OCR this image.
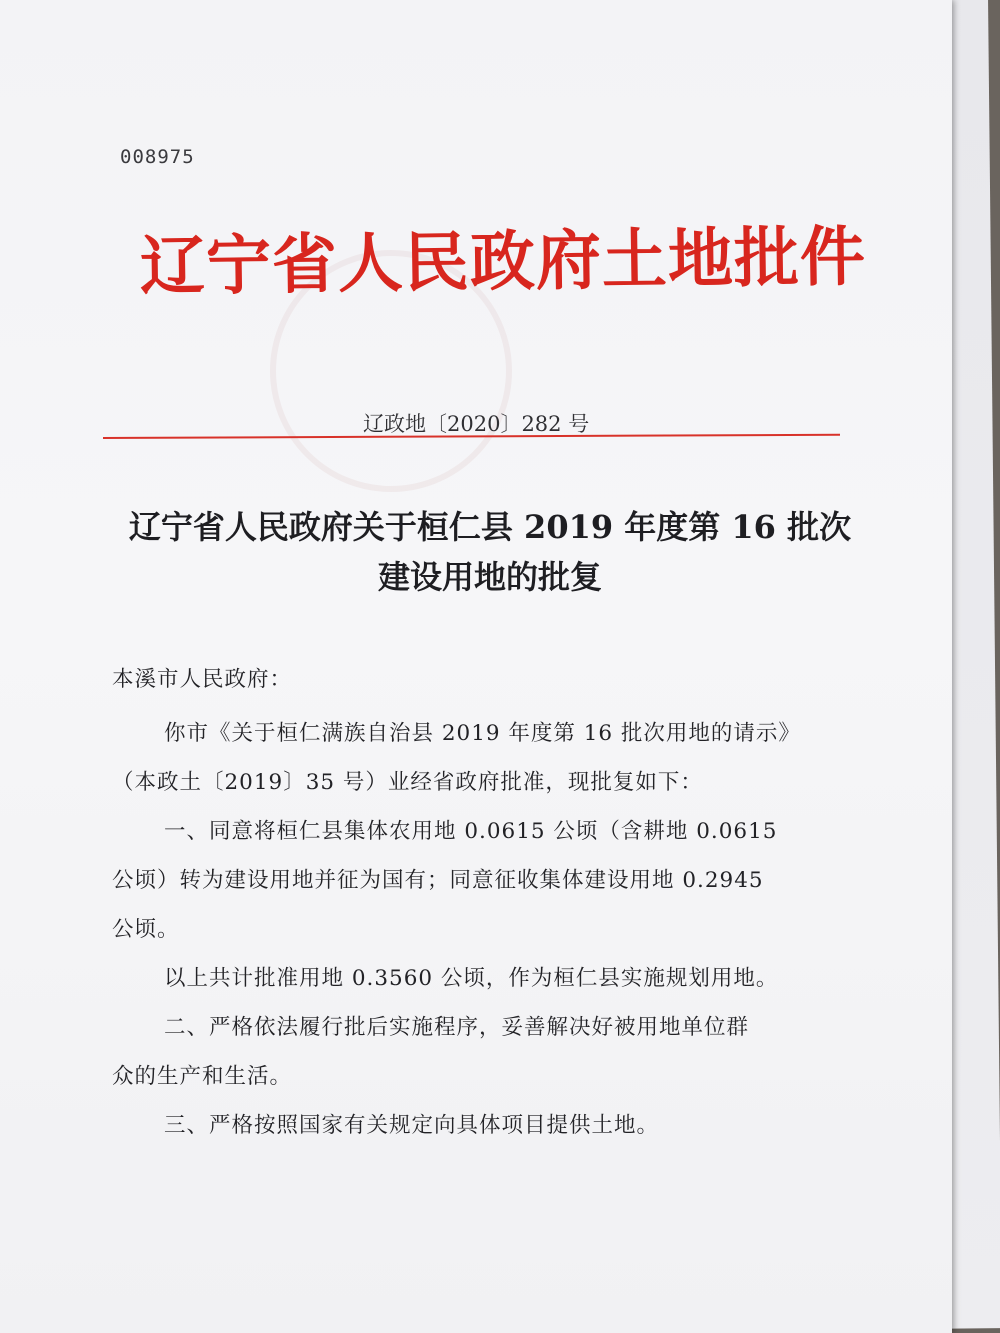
008975
辽宁省人民政府土地批件
辽政地〔2020〕282 号
辽宁省人民政府关于桓仁县 2019 年度第 16 批次
建设用地的批复
本溪市人民政府：
你市《关于桓仁满族自治县 2019 年度第 16 批次用地的请示》
（本政土〔2019〕35 号）业经省政府批准，现批复如下：
一、同意将桓仁县集体农用地 0.0615 公顷（含耕地 0.0615
公顷）转为建设用地并征为国有；同意征收集体建设用地 0.2945
公顷。
以上共计批准用地 0.3560 公顷，作为桓仁县实施规划用地。
二、严格依法履行批后实施程序，妥善解决好被用地单位群
众的生产和生活。
三、严格按照国家有关规定向具体项目提供土地。
